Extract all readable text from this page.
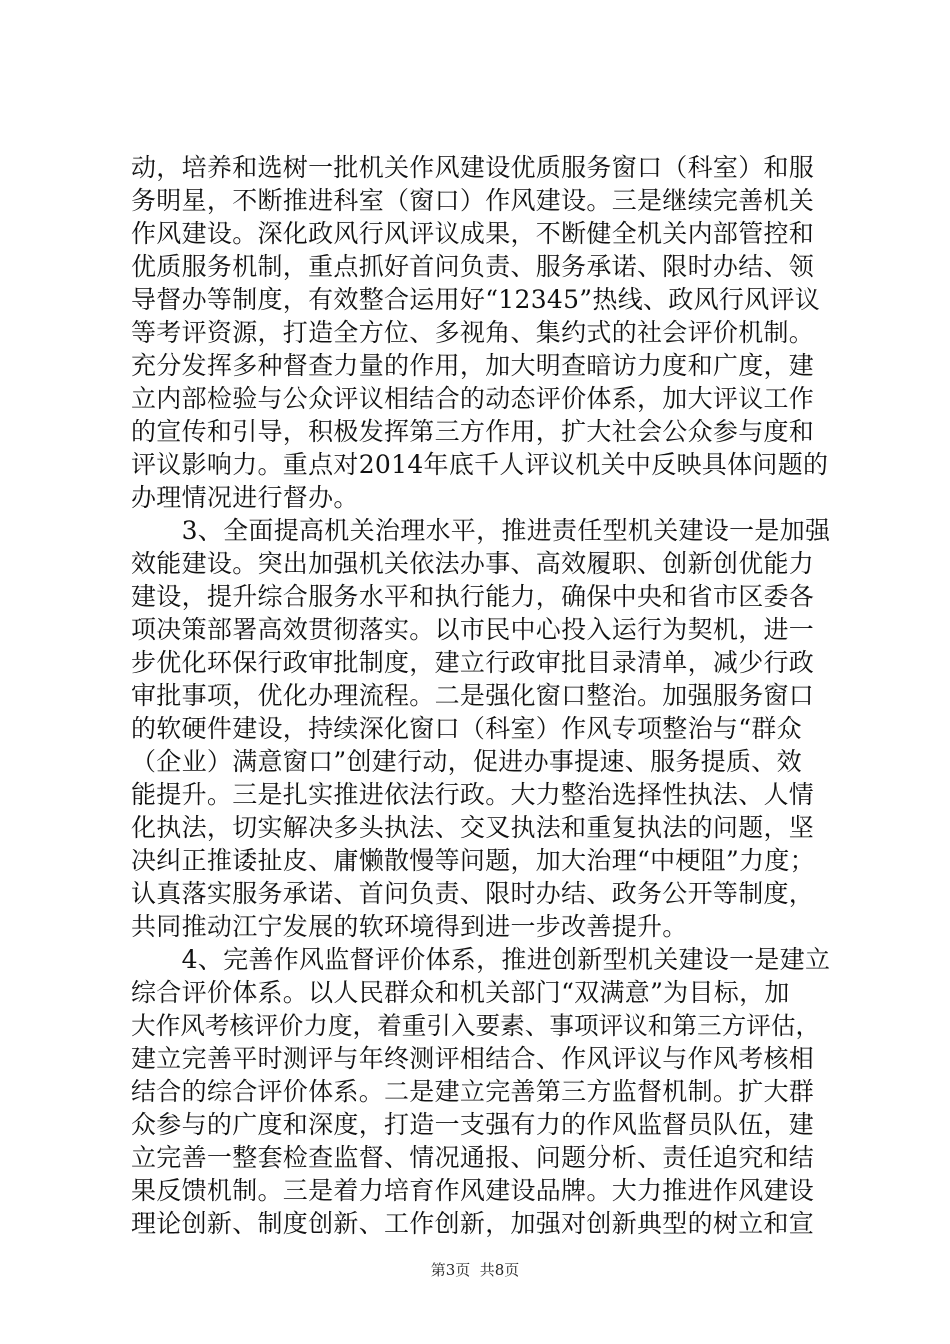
动，培养和选树一批机关作风建设优质服务窗口（科室）和服
务明星，不断推进科室（窗口）作风建设。三是继续完善机关
作风建设。深化政风行风评议成果，不断健全机关内部管控和
优质服务机制，重点抓好首问负责、服务承诺、限时办结、领
导督办等制度，有效整合运用好“12345”热线、政风行风评议
等考评资源，打造全方位、多视角、集约式的社会评价机制。
充分发挥多种督查力量的作用，加大明查暗访力度和广度，建
立内部检验与公众评议相结合的动态评价体系，加大评议工作
的宣传和引导，积极发挥第三方作用，扩大社会公众参与度和
评议影响力。重点对2014年底千人评议机关中反映具体问题的
办理情况进行督办。
　　3、全面提高机关治理水平，推进责任型机关建设一是加强
效能建设。突出加强机关依法办事、高效履职、创新创优能力
建设，提升综合服务水平和执行能力，确保中央和省市区委各
项决策部署高效贯彻落实。以市民中心投入运行为契机，进一
步优化环保行政审批制度，建立行政审批目录清单，减少行政
审批事项，优化办理流程。二是强化窗口整治。加强服务窗口
的软硬件建设，持续深化窗口（科室）作风专项整治与“群众
（企业）满意窗口”创建行动，促进办事提速、服务提质、效
能提升。三是扎实推进依法行政。大力整治选择性执法、人情
化执法，切实解决多头执法、交叉执法和重复执法的问题，坚
决纠正推诿扯皮、庸懒散慢等问题，加大治理“中梗阻”力度；
认真落实服务承诺、首问负责、限时办结、政务公开等制度，
共同推动江宁发展的软环境得到进一步改善提升。
　　4、完善作风监督评价体系，推进创新型机关建设一是建立
综合评价体系。以人民群众和机关部门“双满意”为目标，加
大作风考核评价力度，着重引入要素、事项评议和第三方评估，
建立完善平时测评与年终测评相结合、作风评议与作风考核相
结合的综合评价体系。二是建立完善第三方监督机制。扩大群
众参与的广度和深度，打造一支强有力的作风监督员队伍，建
立完善一整套检查监督、情况通报、问题分析、责任追究和结
果反馈机制。三是着力培育作风建设品牌。大力推进作风建设
理论创新、制度创新、工作创新，加强对创新典型的树立和宣
第3页  共8页
